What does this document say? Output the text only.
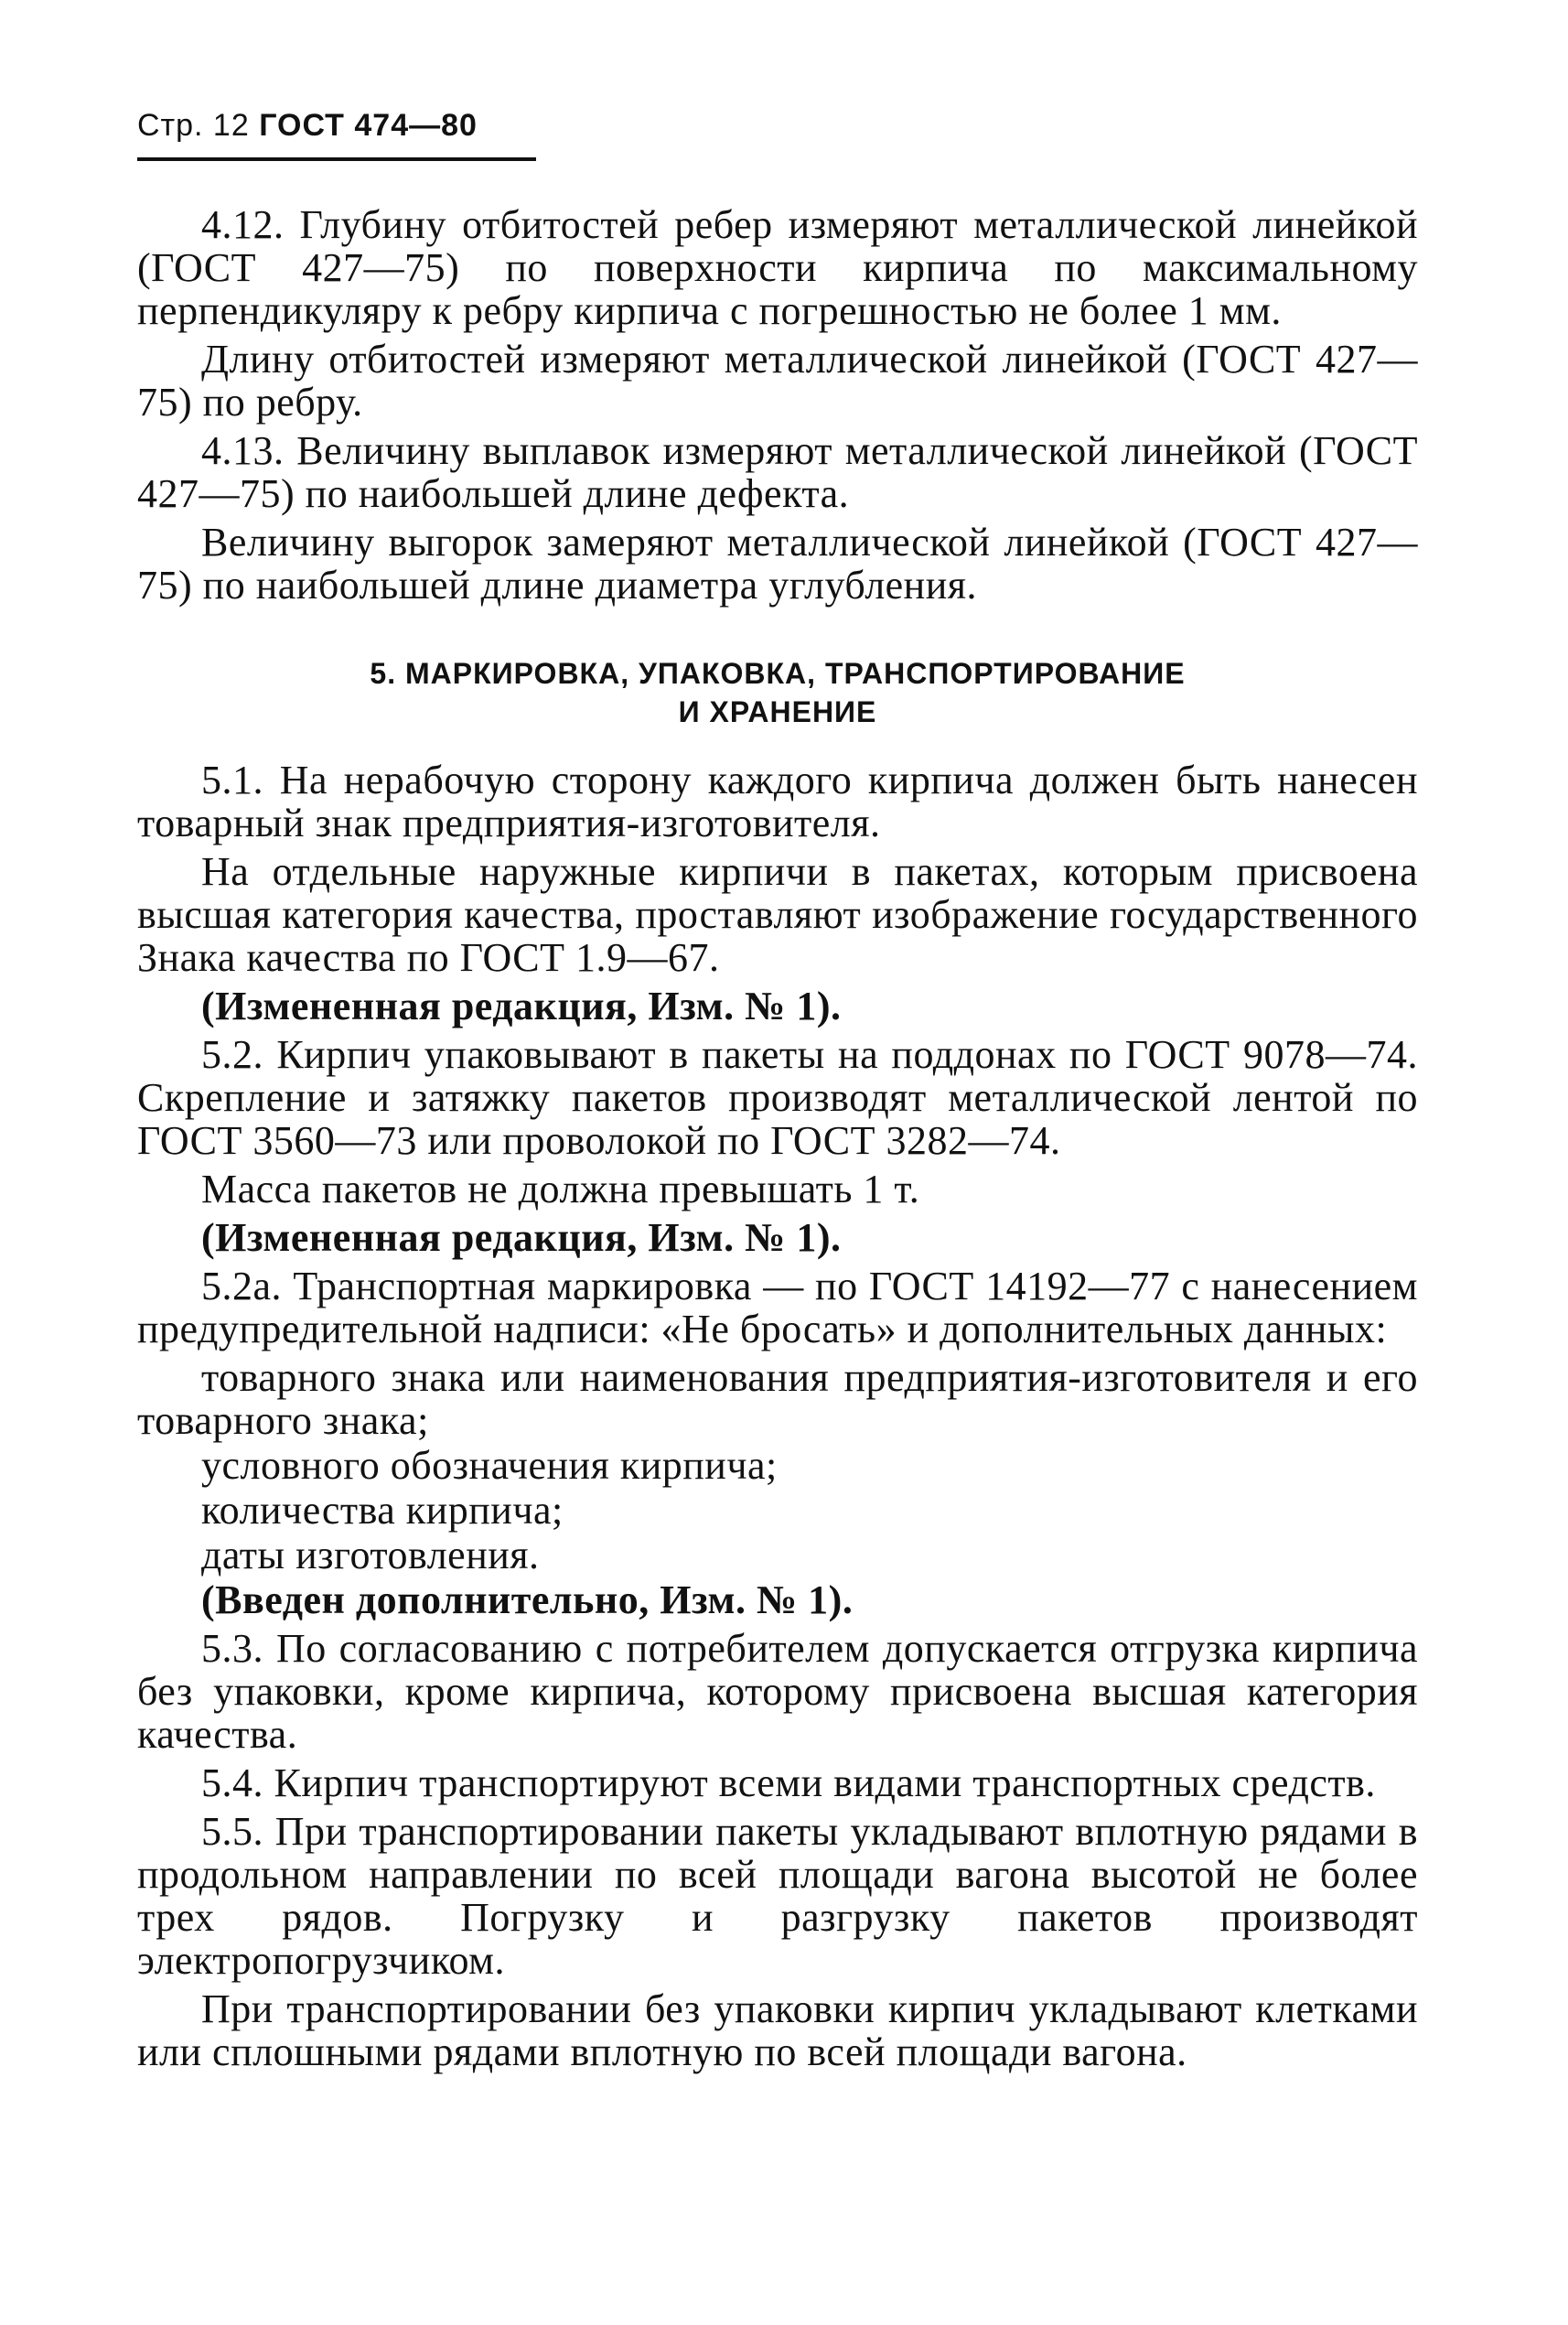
Стр. 12 ГОСТ 474—80

4.12. Глубину отбитостей ребер измеряют металлической линейкой (ГОСТ 427—75) по поверхности кирпича по максимальному перпендикуляру к ребру кирпича с погрешностью не более 1 мм.

Длину отбитостей измеряют металлической линейкой (ГОСТ 427—75) по ребру.

4.13. Величину выплавок измеряют металлической линейкой (ГОСТ 427—75) по наибольшей длине дефекта.

Величину выгорок замеряют металлической линейкой (ГОСТ 427—75) по наибольшей длине диаметра углубления.

5. МАРКИРОВКА, УПАКОВКА, ТРАНСПОРТИРОВАНИЕ
И ХРАНЕНИЕ

5.1. На нерабочую сторону каждого кирпича должен быть нанесен товарный знак предприятия-изготовителя.

На отдельные наружные кирпичи в пакетах, которым присвоена высшая категория качества, проставляют изображение государственного Знака качества по ГОСТ 1.9—67.

(Измененная редакция, Изм. № 1).

5.2. Кирпич упаковывают в пакеты на поддонах по ГОСТ 9078—74. Скрепление и затяжку пакетов производят металлической лентой по ГОСТ 3560—73 или проволокой по ГОСТ 3282—74.

Масса пакетов не должна превышать 1 т.

(Измененная редакция, Изм. № 1).

5.2а. Транспортная маркировка — по ГОСТ 14192—77 с нанесением предупредительной надписи: «Не бросать» и дополнительных данных:

товарного знака или наименования предприятия-изготовителя и его товарного знака;

условного обозначения кирпича;

количества кирпича;

даты изготовления.

(Введен дополнительно, Изм. № 1).

5.3. По согласованию с потребителем допускается отгрузка кирпича без упаковки, кроме кирпича, которому присвоена высшая категория качества.

5.4. Кирпич транспортируют всеми видами транспортных средств.

5.5. При транспортировании пакеты укладывают вплотную рядами в продольном направлении по всей площади вагона высотой не более трех рядов. Погрузку и разгрузку пакетов производят электропогрузчиком.

При транспортировании без упаковки кирпич укладывают клетками или сплошными рядами вплотную по всей площади вагона.
